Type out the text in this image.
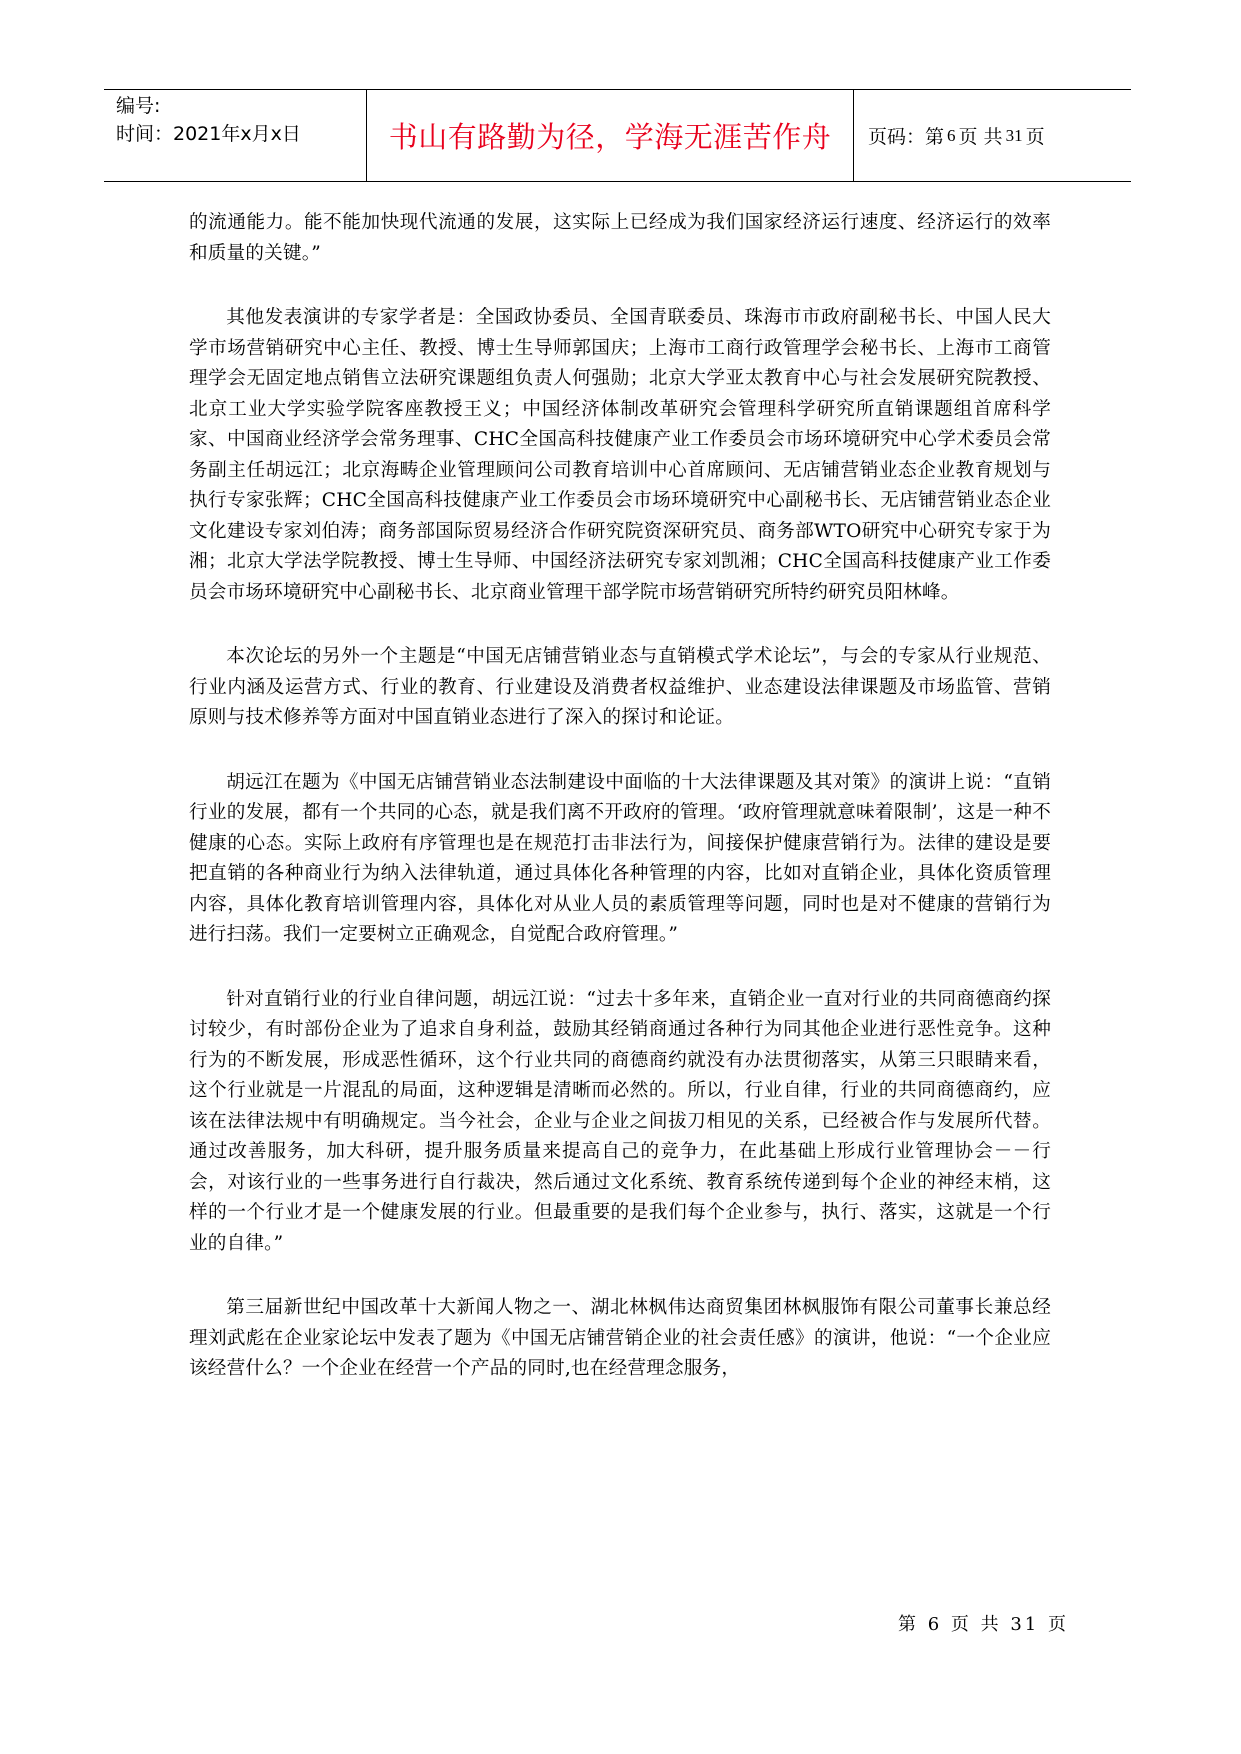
编号:
时间：2021年x月x日	书山有路勤为径，学海无涯苦作舟	页码：第 6 页 共 31 页

的流通能力。能不能加快现代流通的发展，这实际上已经成为我们国家经济运行速度、经济运行的效率和质量的关键。”

其他发表演讲的专家学者是：全国政协委员、全国青联委员、珠海市市政府副秘书长、中国人民大学市场营销研究中心主任、教授、博士生导师郭国庆；上海市工商行政管理学会秘书长、上海市工商管理学会无固定地点销售立法研究课题组负责人何强勋；北京大学亚太教育中心与社会发展研究院教授、北京工业大学实验学院客座教授王义；中国经济体制改革研究会管理科学研究所直销课题组首席科学家、中国商业经济学会常务理事、CHC全国高科技健康产业工作委员会市场环境研究中心学术委员会常务副主任胡远江；北京海畴企业管理顾问公司教育培训中心首席顾问、无店铺营销业态企业教育规划与执行专家张辉；CHC全国高科技健康产业工作委员会市场环境研究中心副秘书长、无店铺营销业态企业文化建设专家刘伯涛；商务部国际贸易经济合作研究院资深研究员、商务部WTO研究中心研究专家于为湘；北京大学法学院教授、博士生导师、中国经济法研究专家刘凯湘；CHC全国高科技健康产业工作委员会市场环境研究中心副秘书长、北京商业管理干部学院市场营销研究所特约研究员阳林峰。

本次论坛的另外一个主题是“中国无店铺营销业态与直销模式学术论坛”，与会的专家从行业规范、行业内涵及运营方式、行业的教育、行业建设及消费者权益维护、业态建设法律课题及市场监管、营销原则与技术修养等方面对中国直销业态进行了深入的探讨和论证。

胡远江在题为《中国无店铺营销业态法制建设中面临的十大法律课题及其对策》的演讲上说：“直销行业的发展，都有一个共同的心态，就是我们离不开政府的管理。‘政府管理就意味着限制’，这是一种不健康的心态。实际上政府有序管理也是在规范打击非法行为，间接保护健康营销行为。法律的建设是要把直销的各种商业行为纳入法律轨道，通过具体化各种管理的内容，比如对直销企业，具体化资质管理内容，具体化教育培训管理内容，具体化对从业人员的素质管理等问题，同时也是对不健康的营销行为进行扫荡。我们一定要树立正确观念，自觉配合政府管理。”

针对直销行业的行业自律问题，胡远江说：“过去十多年来，直销企业一直对行业的共同商德商约探讨较少，有时部份企业为了追求自身利益，鼓励其经销商通过各种行为同其他企业进行恶性竞争。这种行为的不断发展，形成恶性循环，这个行业共同的商德商约就没有办法贯彻落实，从第三只眼睛来看，这个行业就是一片混乱的局面，这种逻辑是清晰而必然的。所以，行业自律，行业的共同商德商约，应该在法律法规中有明确规定。当今社会，企业与企业之间拔刀相见的关系，已经被合作与发展所代替。通过改善服务，加大科研，提升服务质量来提高自己的竞争力，在此基础上形成行业管理协会－－行会，对该行业的一些事务进行自行裁决，然后通过文化系统、教育系统传递到每个企业的神经末梢，这样的一个行业才是一个健康发展的行业。但最重要的是我们每个企业参与，执行、落实，这就是一个行业的自律。”

第三届新世纪中国改革十大新闻人物之一、湖北林枫伟达商贸集团林枫服饰有限公司董事长兼总经理刘武彪在企业家论坛中发表了题为《中国无店铺营销企业的社会责任感》的演讲，他说：“一个企业应该经营什么？一个企业在经营一个产品的同时,也在经营理念服务，

第 6 页 共 31 页
